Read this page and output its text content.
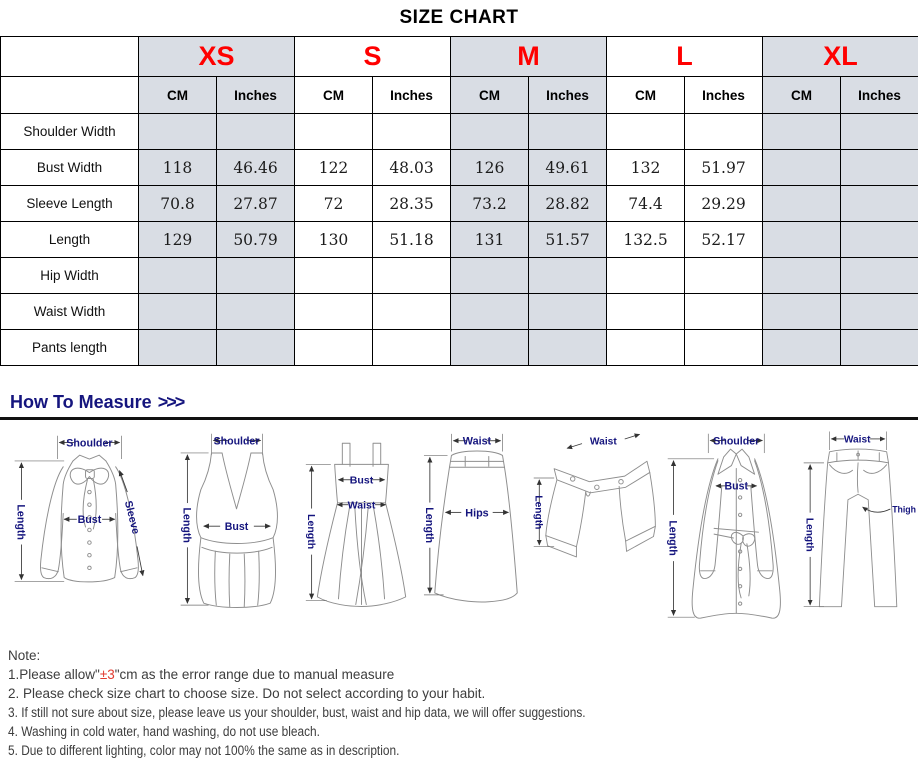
SIZE CHART
	XS		S		M		L		XL	
	CM	Inches	CM	Inches	CM	Inches	CM	Inches	CM	Inches
Shoulder Width										
Bust Width	118	46.46	122	48.03	126	49.61	132	51.97		
Sleeve Length	70.8	27.87	72	28.35	73.2	28.82	74.4	29.29		
Length	129	50.79	130	51.18	131	51.57	132.5	52.17		
Hip Width										
Waist Width										
Pants length										
How To Measure >>>
Shoulder
Bust
Length	Sleeve
Shoulder
Bust
Length
Bust
Waist
Length
Waist
Hips
Length
Waist
Length
Shoulder
Bust
Length
Waist
Thigh
Length
Note:
1.Please allow"±3"cm as the error range due to manual measure
2. Please check size chart to choose size. Do not select according to your habit.
3. If still not sure about size, please leave us your shoulder, bust, waist and hip data, we will offer suggestions.
4. Washing in cold water, hand washing, do not use bleach.
5. Due to different lighting, color may not 100% the same as in description.
